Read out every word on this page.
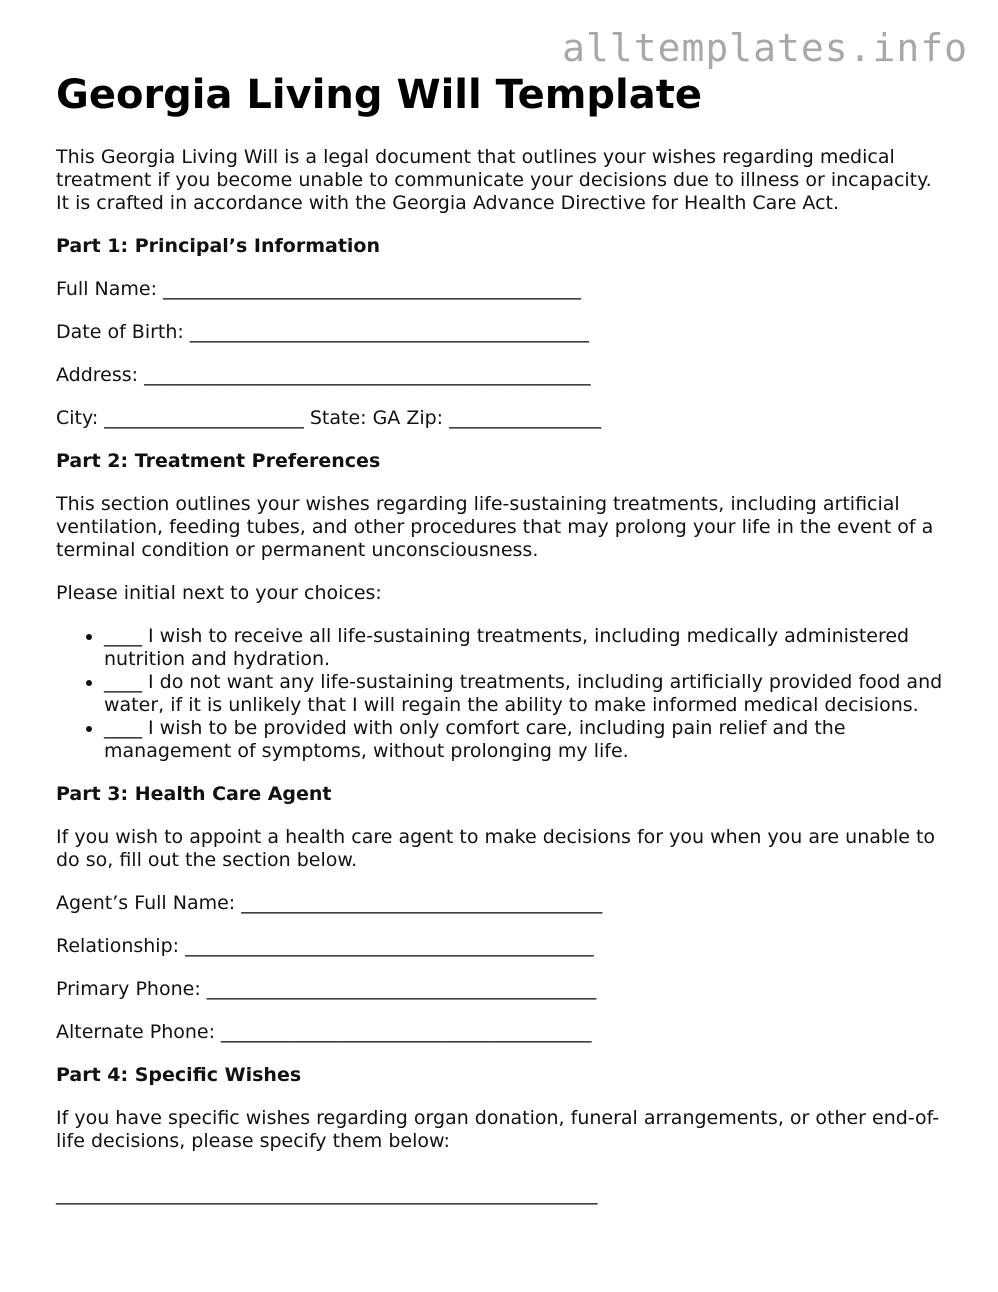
alltemplates.info
Georgia Living Will Template

This Georgia Living Will is a legal document that outlines your wishes regarding medical treatment if you become unable to communicate your decisions due to illness or incapacity. It is crafted in accordance with the Georgia Advance Directive for Health Care Act.

Part 1: Principal’s Information

Full Name: ____________________________________________

Date of Birth: __________________________________________

Address: _______________________________________________

City: _____________________ State: GA Zip: ________________

Part 2: Treatment Preferences

This section outlines your wishes regarding life-sustaining treatments, including artificial ventilation, feeding tubes, and other procedures that may prolong your life in the event of a terminal condition or permanent unconsciousness.

Please initial next to your choices:

• ____ I wish to receive all life-sustaining treatments, including medically administered nutrition and hydration.
• ____ I do not want any life-sustaining treatments, including artificially provided food and water, if it is unlikely that I will regain the ability to make informed medical decisions.
• ____ I wish to be provided with only comfort care, including pain relief and the management of symptoms, without prolonging my life.

Part 3: Health Care Agent

If you wish to appoint a health care agent to make decisions for you when you are unable to do so, fill out the section below.

Agent’s Full Name: ______________________________________

Relationship: ___________________________________________

Primary Phone: _________________________________________

Alternate Phone: _______________________________________

Part 4: Specific Wishes

If you have specific wishes regarding organ donation, funeral arrangements, or other end-of-life decisions, please specify them below:

_________________________________________________________
